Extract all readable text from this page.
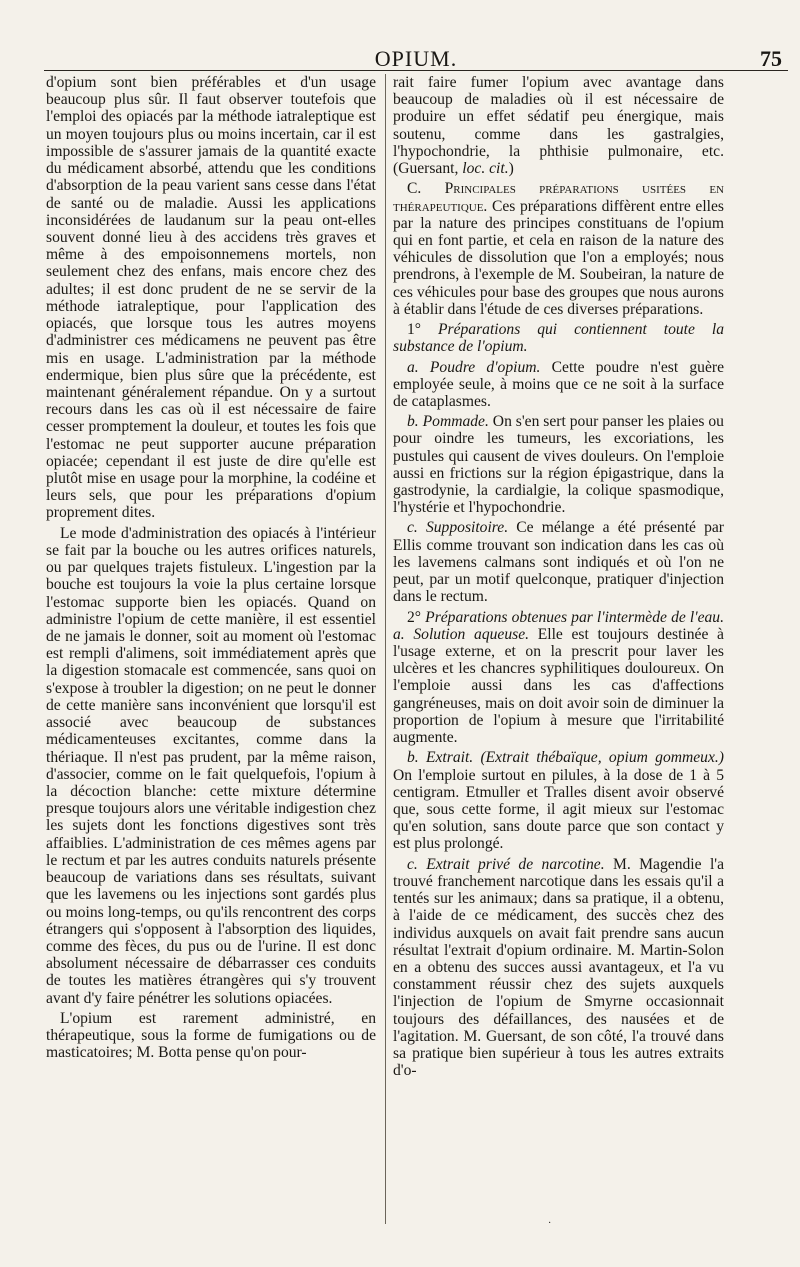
OPIUM.	75

d'opium sont bien préférables et d'un usage beaucoup plus sûr. Il faut observer toutefois que l'emploi des opiacés par la méthode iatraleptique est un moyen toujours plus ou moins incertain, car il est impossible de s'assurer jamais de la quantité exacte du médicament absorbé, attendu que les conditions d'absorption de la peau varient sans cesse dans l'état de santé ou de maladie. Aussi les applications inconsidérées de laudanum sur la peau ont-elles souvent donné lieu à des accidens très graves et même à des empoisonnemens mortels, non seulement chez des enfans, mais encore chez des adultes; il est donc prudent de ne se servir de la méthode iatraleptique, pour l'application des opiacés, que lorsque tous les autres moyens d'administrer ces médicamens ne peuvent pas être mis en usage. L'administration par la méthode endermique, bien plus sûre que la précédente, est maintenant généralement répandue. On y a surtout recours dans les cas où il est nécessaire de faire cesser promptement la douleur, et toutes les fois que l'estomac ne peut supporter aucune préparation opiacée; cependant il est juste de dire qu'elle est plutôt mise en usage pour la morphine, la codéine et leurs sels, que pour les préparations d'opium proprement dites.

Le mode d'administration des opiacés à l'intérieur se fait par la bouche ou les autres orifices naturels, ou par quelques trajets fistuleux. L'ingestion par la bouche est toujours la voie la plus certaine lorsque l'estomac supporte bien les opiacés. Quand on administre l'opium de cette manière, il est essentiel de ne jamais le donner, soit au moment où l'estomac est rempli d'alimens, soit immédiatement après que la digestion stomacale est commencée, sans quoi on s'expose à troubler la digestion; on ne peut le donner de cette manière sans inconvénient que lorsqu'il est associé avec beaucoup de substances médicamenteuses excitantes, comme dans la thériaque. Il n'est pas prudent, par la même raison, d'associer, comme on le fait quelquefois, l'opium à la décoction blanche: cette mixture détermine presque toujours alors une véritable indigestion chez les sujets dont les fonctions digestives sont très affaiblies. L'administration de ces mêmes agens par le rectum et par les autres conduits naturels présente beaucoup de variations dans ses résultats, suivant que les lavemens ou les injections sont gardés plus ou moins long-temps, ou qu'ils rencontrent des corps étrangers qui s'opposent à l'absorption des liquides, comme des fèces, du pus ou de l'urine. Il est donc absolument nécessaire de débarrasser ces conduits de toutes les matières étrangères qui s'y trouvent avant d'y faire pénétrer les solutions opiacées.

L'opium est rarement administré, en thérapeutique, sous la forme de fumigations ou de masticatoires; M. Botta pense qu'on pour-

rait faire fumer l'opium avec avantage dans beaucoup de maladies où il est nécessaire de produire un effet sédatif peu énergique, mais soutenu, comme dans les gastralgies, l'hypochondrie, la phthisie pulmonaire, etc. (Guersant, loc. cit.)

C. Principales préparations usitées en thérapeutique. Ces préparations diffèrent entre elles par la nature des principes constituans de l'opium qui en font partie, et cela en raison de la nature des véhicules de dissolution que l'on a employés; nous prendrons, à l'exemple de M. Soubeiran, la nature de ces véhicules pour base des groupes que nous aurons à établir dans l'étude de ces diverses préparations.

1° Préparations qui contiennent toute la substance de l'opium.

a. Poudre d'opium. Cette poudre n'est guère employée seule, à moins que ce ne soit à la surface de cataplasmes.

b. Pommade. On s'en sert pour panser les plaies ou pour oindre les tumeurs, les excoriations, les pustules qui causent de vives douleurs. On l'emploie aussi en frictions sur la région épigastrique, dans la gastrodynie, la cardialgie, la colique spasmodique, l'hystérie et l'hypochondrie.

c. Suppositoire. Ce mélange a été présenté par Ellis comme trouvant son indication dans les cas où les lavemens calmans sont indiqués et où l'on ne peut, par un motif quelconque, pratiquer d'injection dans le rectum.

2° Préparations obtenues par l'intermède de l'eau. a. Solution aqueuse. Elle est toujours destinée à l'usage externe, et on la prescrit pour laver les ulcères et les chancres syphilitiques douloureux. On l'emploie aussi dans les cas d'affections gangréneuses, mais on doit avoir soin de diminuer la proportion de l'opium à mesure que l'irritabilité augmente.

b. Extrait. (Extrait thébaïque, opium gommeux.) On l'emploie surtout en pilules, à la dose de 1 à 5 centigram. Etmuller et Tralles disent avoir observé que, sous cette forme, il agit mieux sur l'estomac qu'en solution, sans doute parce que son contact y est plus prolongé.

c. Extrait privé de narcotine. M. Magendie l'a trouvé franchement narcotique dans les essais qu'il a tentés sur les animaux; dans sa pratique, il a obtenu, à l'aide de ce médicament, des succès chez des individus auxquels on avait fait prendre sans aucun résultat l'extrait d'opium ordinaire. M. Martin-Solon en a obtenu des succes aussi avantageux, et l'a vu constamment réussir chez des sujets auxquels l'injection de l'opium de Smyrne occasionnait toujours des défaillances, des nausées et de l'agitation. M. Guersant, de son côté, l'a trouvé dans sa pratique bien supérieur à tous les autres extraits d'o-

·
